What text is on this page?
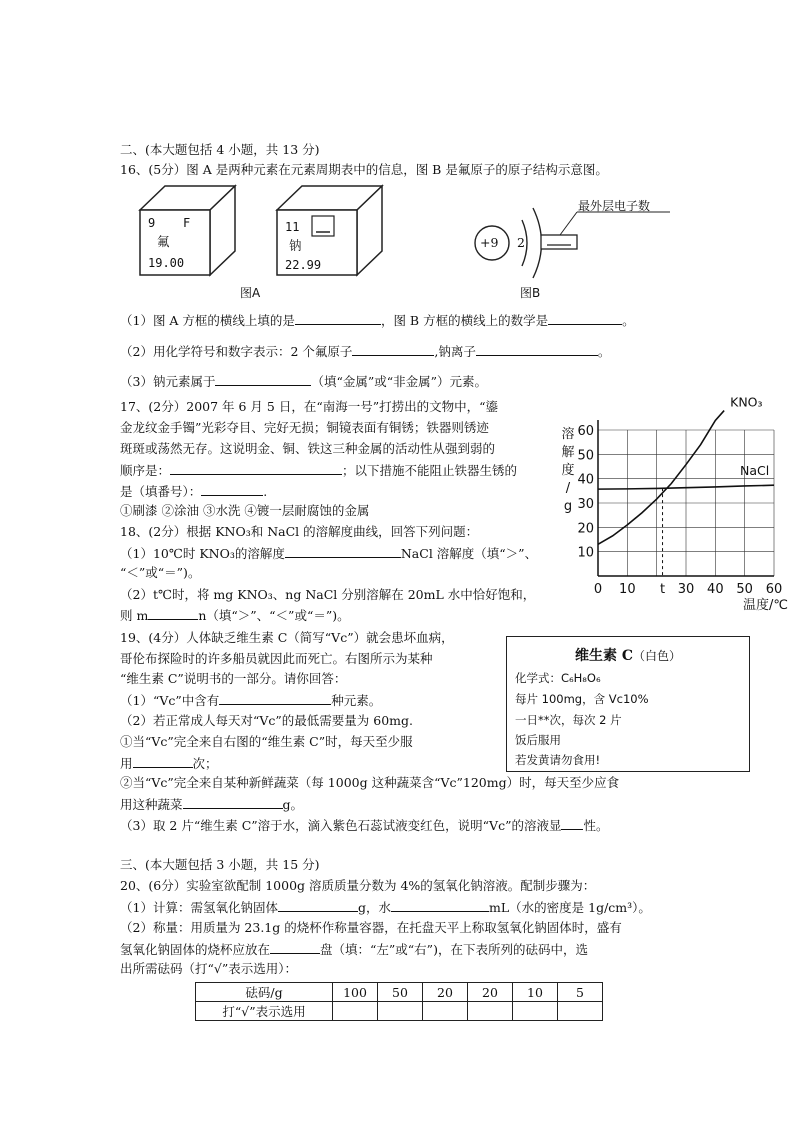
二、(本大题包括 4 小题，共 13 分)
16、(5分）图 A 是两种元素在元素周期表中的信息，图 B 是氟原子的原子结构示意图。
9 F
氟
19.00
11
钠
22.99
图A
+9 2
最外层电子数
图B
（1）图 A 方框的横线上填的是	，图 B 方框的横线上的数学是	。
（2）用化学符号和数字表示：2 个氟原子	,钠离子	。
（3）钠元素属于	（填“金属”或“非金属”）元素。
17、(2分）2007 年 6 月 5 日，在“南海一号”打捞出的文物中，“鎏
金龙纹金手镯”光彩夺目、完好无损；铜镜表面有铜锈；铁器则锈迹
斑斑或荡然无存。这说明金、铜、铁这三种金属的活动性从强到弱的
顺序是：	；以下措施不能阻止铁器生锈的
是（填番号）：	.
①刷漆 ②涂油 ③水洗 ④镀一层耐腐蚀的金属
18、(2分）根据 KNO₃和 NaCl 的溶解度曲线，回答下列问题：
（1）10℃时 KNO₃的溶解度	NaCl 溶解度（填“＞”、
“＜”或“＝”)。
（2）t℃时，将 mg KNO₃、ng NaCl 分别溶解在 20mL 水中恰好饱和，
则 m	n（填“＞”、“＜”或“＝”)。
10
20
30
40
50
60
0 10 t 30 40 50 60
溶
解
度
/
g
温度/℃
KNO₃
NaCl
19、(4分）人体缺乏维生素 C（简写“Vc”）就会患坏血病，
哥伦布探险时的许多船员就因此而死亡。右图所示为某种
“维生素 C”说明书的一部分。请你回答：
（1）“Vc”中含有	种元素。
（2）若正常成人每天对“Vc”的最低需要量为 60mg.
①当“Vc”完全来自右图的“维生素 C”时，每天至少服
用	次；
②当“Vc”完全来自某种新鲜蔬菜（每 1000g 这种蔬菜含“Vc”120mg）时，每天至少应食
用这种蔬菜	g。
（3）取 2 片“维生素 C”溶于水，滴入紫色石蕊试液变红色，说明“Vc”的溶液显 性。
维生素 C（白色）
化学式：C₆H₈O₆
每片 100mg，含 Vc10%
一日**次，每次 2 片
饭后服用
若发黄请勿食用!
三、(本大题包括 3 小题，共 15 分)
20、(6分）实验室欲配制 1000g 溶质质量分数为 4%的氢氧化钠溶液。配制步骤为：
（1）计算：需氢氧化钠固体	g，水	mL（水的密度是 1g/cm³）。
（2）称量：用质量为 23.1g 的烧杯作称量容器，在托盘天平上称取氢氧化钠固体时，盛有
氢氧化钠固体的烧杯应放在	盘（填：“左”或“右”)，在下表所列的砝码中，选
出所需砝码（打“√”表示选用）：
砝码/g	100	50	20	20	10	5
打“√”表示选用						
